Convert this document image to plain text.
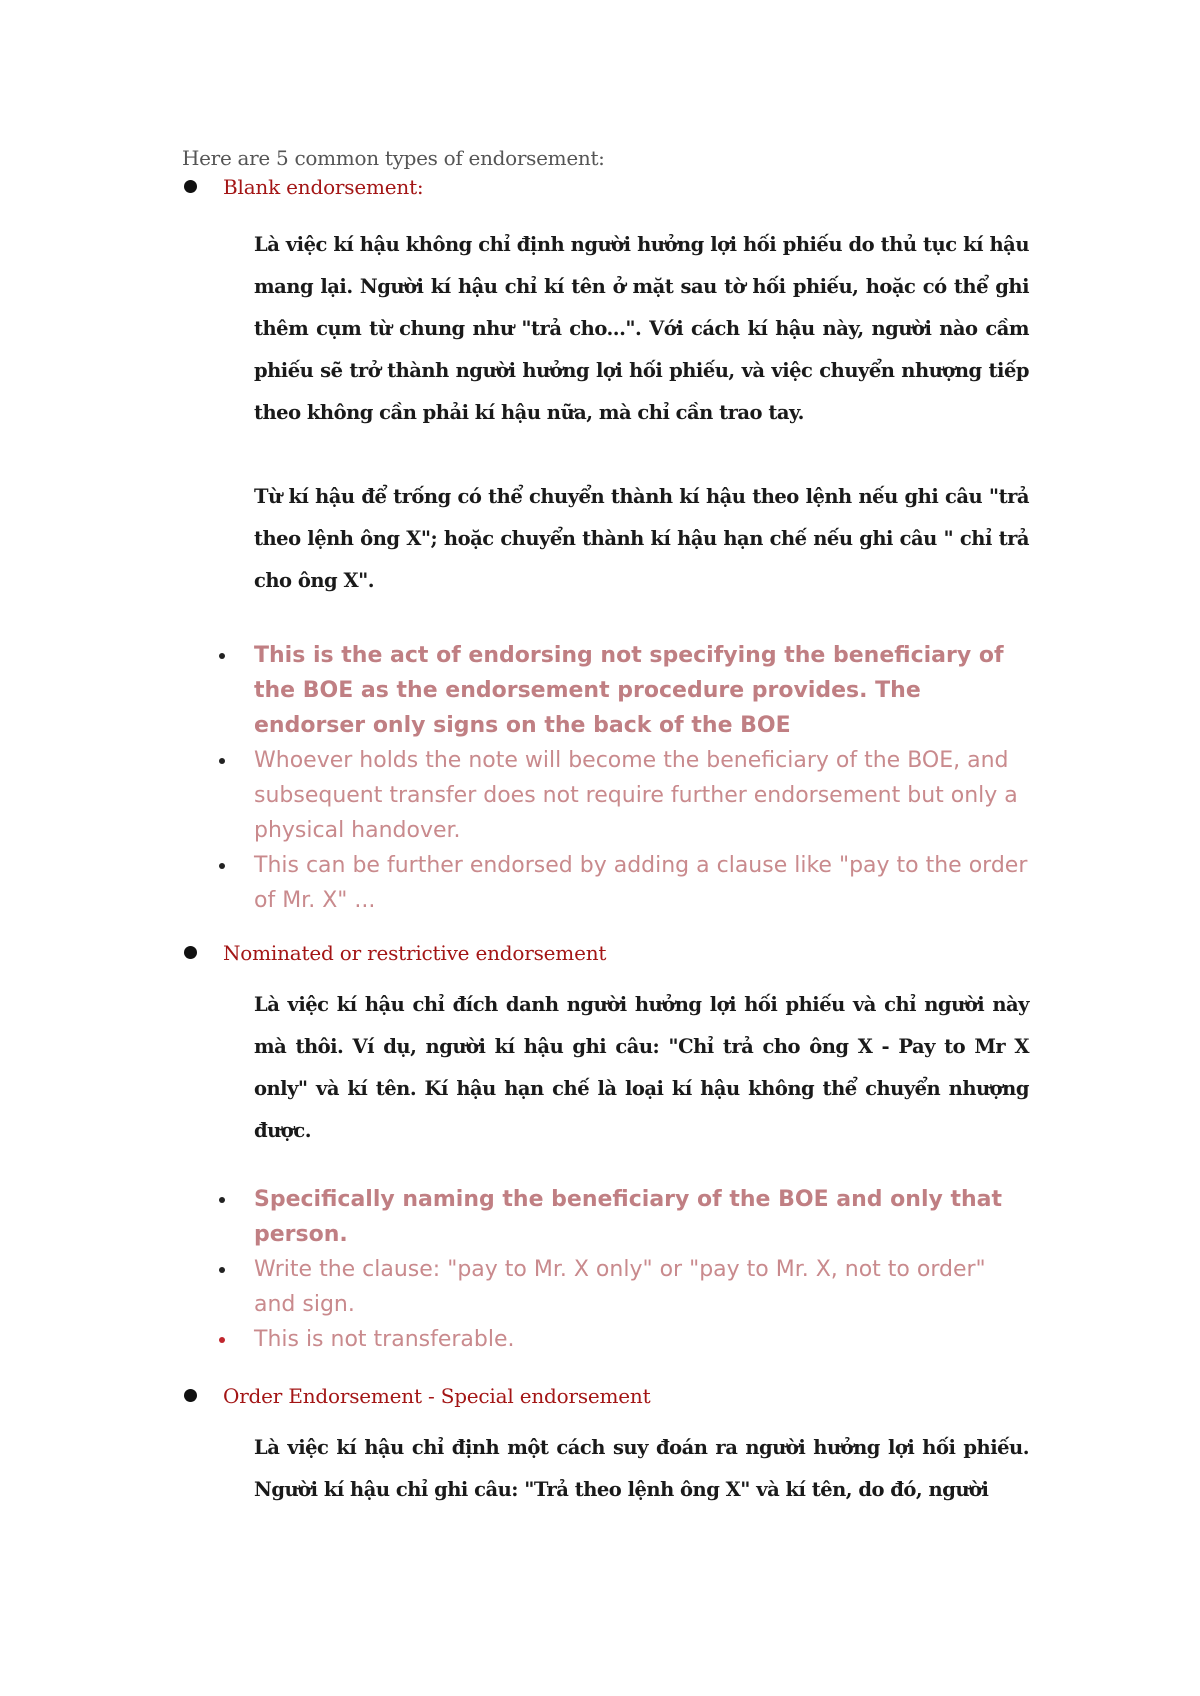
Here are 5 common types of endorsement:
Blank endorsement:

Là việc kí hậu không chỉ định người hưởng lợi hối phiếu do thủ tục kí hậu mang lại. Người kí hậu chỉ kí tên ở mặt sau tờ hối phiếu, hoặc có thể ghi thêm cụm từ chung như "trả cho...". Với cách kí hậu này, người nào cầm phiếu sẽ trở thành người hưởng lợi hối phiếu, và việc chuyển nhượng tiếp theo không cần phải kí hậu nữa, mà chỉ cần trao tay.

Từ kí hậu để trống có thể chuyển thành kí hậu theo lệnh nếu ghi câu "trả theo lệnh ông X"; hoặc chuyển thành kí hậu hạn chế nếu ghi câu " chỉ trả cho ông X".

This is the act of endorsing not specifying the beneficiary of the BOE as the endorsement procedure provides. The endorser only signs on the back of the BOE
Whoever holds the note will become the beneficiary of the BOE, and subsequent transfer does not require further endorsement but only a physical handover.
This can be further endorsed by adding a clause like "pay to the order of Mr. X" ...
Nominated or restrictive endorsement

Là việc kí hậu chỉ đích danh người hưởng lợi hối phiếu và chỉ người này mà thôi. Ví dụ, người kí hậu ghi câu: "Chỉ trả cho ông X - Pay to Mr X only" và kí tên. Kí hậu hạn chế là loại kí hậu không thể chuyển nhượng được.

Specifically naming the beneficiary of the BOE and only that person.
Write the clause: "pay to Mr. X only" or "pay to Mr. X, not to order" and sign.
This is not transferable.
Order Endorsement - Special endorsement

Là việc kí hậu chỉ định một cách suy đoán ra người hưởng lợi hối phiếu. Người kí hậu chỉ ghi câu: "Trả theo lệnh ông X" và kí tên, do đó, người
